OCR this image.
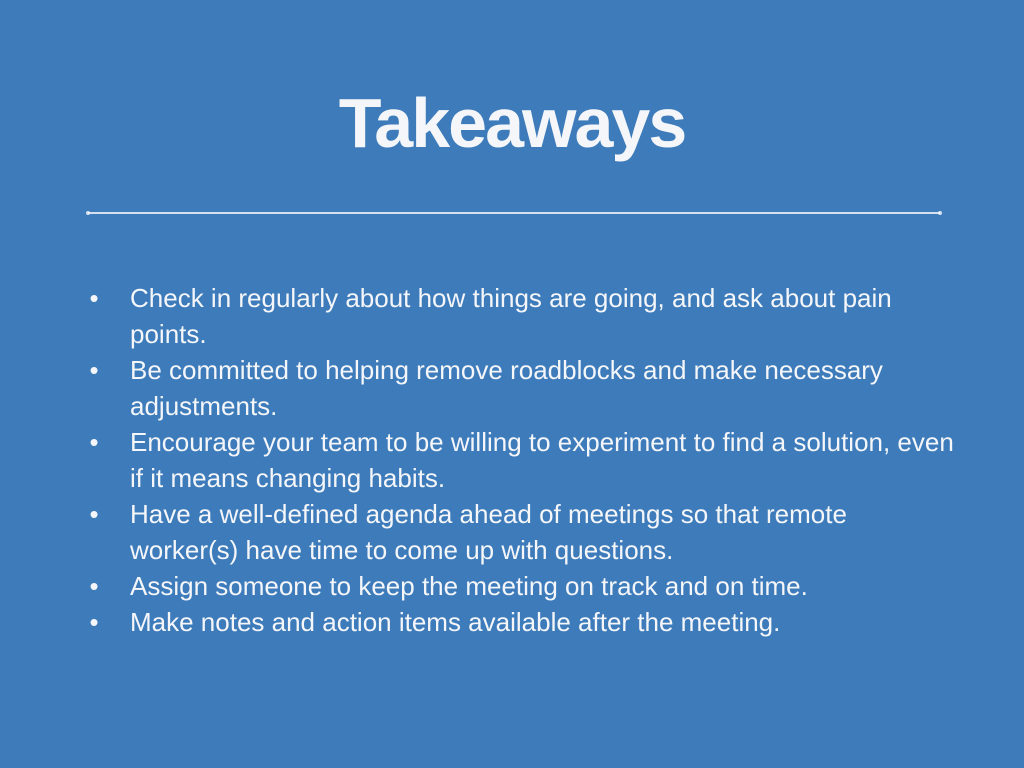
Takeaways
• Check in regularly about how things are going, and ask about pain points.
• Be committed to helping remove roadblocks and make necessary adjustments.
• Encourage your team to be willing to experiment to find a solution, even if it means changing habits.
• Have a well-defined agenda ahead of meetings so that remote worker(s) have time to come up with questions.
• Assign someone to keep the meeting on track and on time.
• Make notes and action items available after the meeting.
